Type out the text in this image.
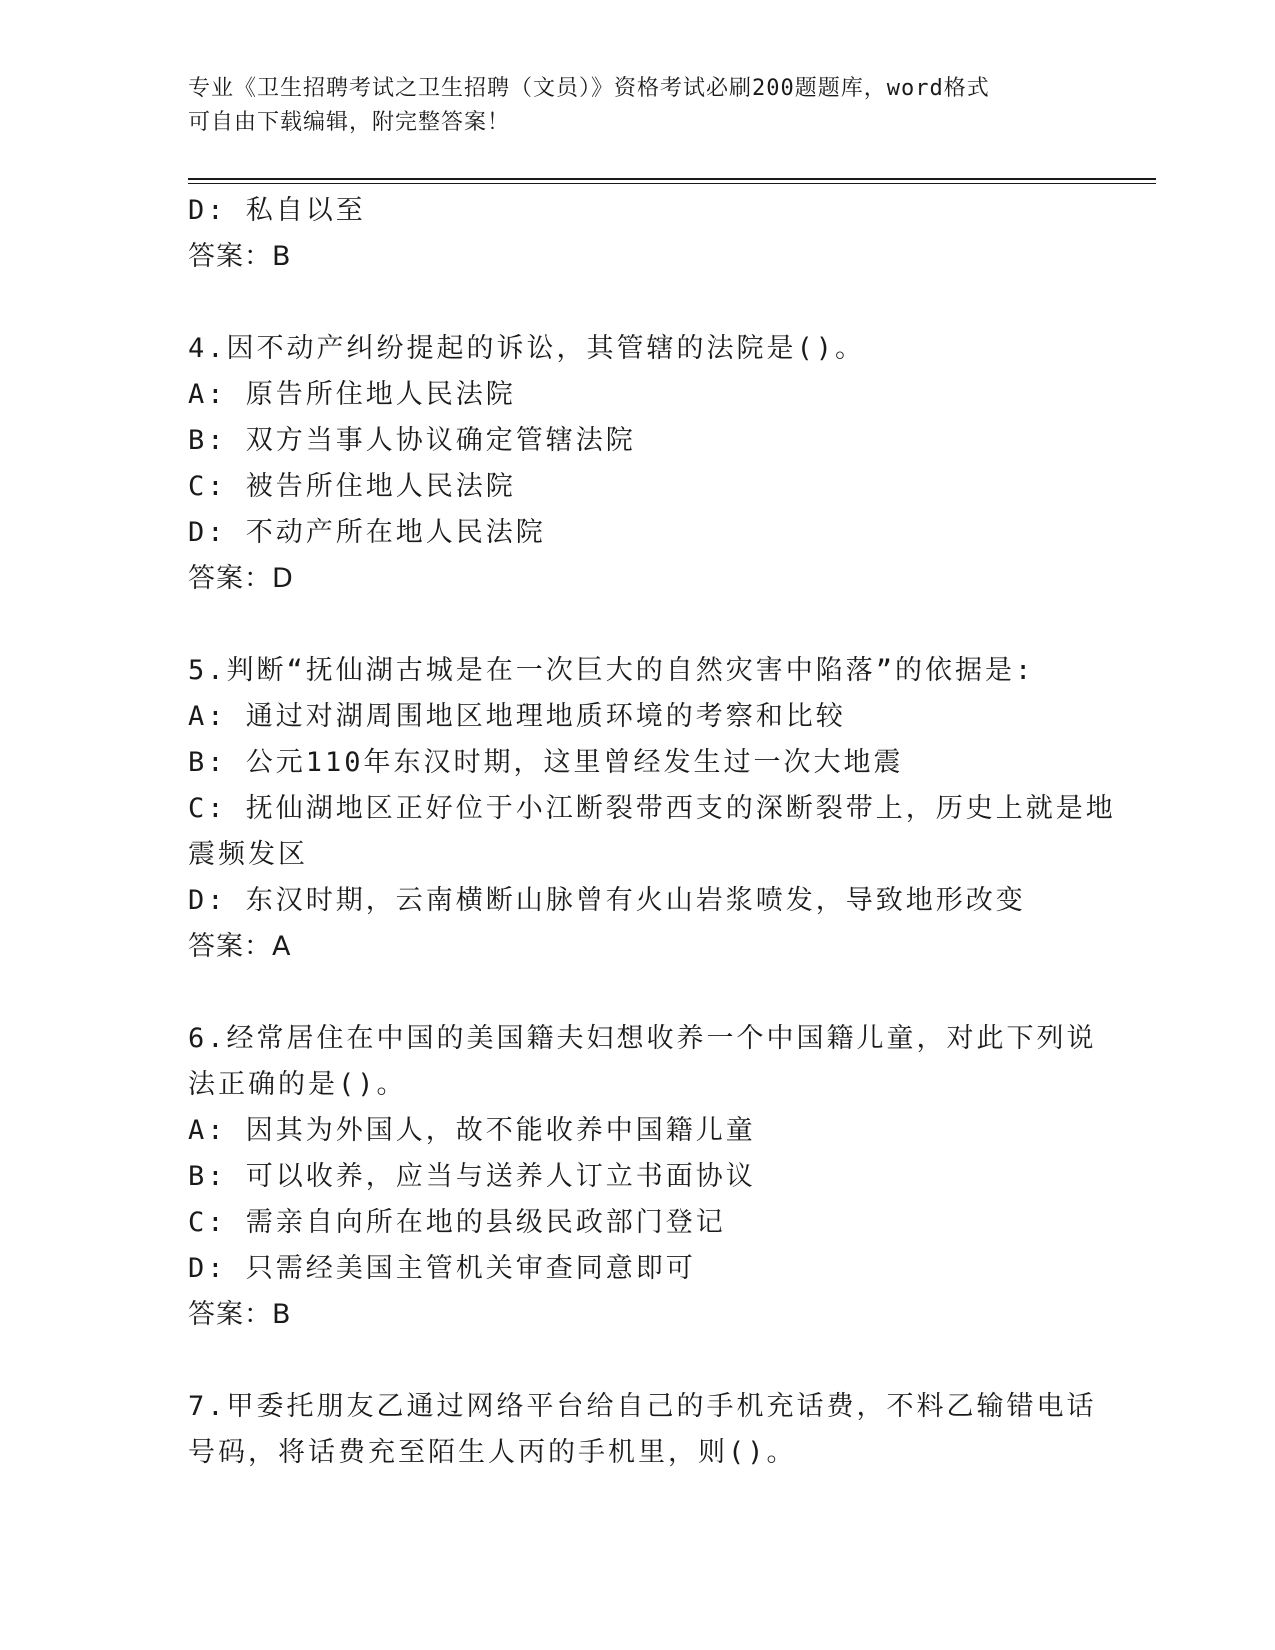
专业《卫生招聘考试之卫生招聘（文员）》资格考试必刷200题题库，word格式
可自由下载编辑，附完整答案！
D: 私自以至
答案：B
4.因不动产纠纷提起的诉讼，其管辖的法院是()。
A: 原告所住地人民法院
B: 双方当事人协议确定管辖法院
C: 被告所住地人民法院
D: 不动产所在地人民法院
答案：D
5.判断“抚仙湖古城是在一次巨大的自然灾害中陷落”的依据是:
A: 通过对湖周围地区地理地质环境的考察和比较
B: 公元110年东汉时期，这里曾经发生过一次大地震
C: 抚仙湖地区正好位于小江断裂带西支的深断裂带上，历史上就是地
震频发区
D: 东汉时期，云南横断山脉曾有火山岩浆喷发，导致地形改变
答案：A
6.经常居住在中国的美国籍夫妇想收养一个中国籍儿童，对此下列说
法正确的是()。
A: 因其为外国人，故不能收养中国籍儿童
B: 可以收养，应当与送养人订立书面协议
C: 需亲自向所在地的县级民政部门登记
D: 只需经美国主管机关审查同意即可
答案：B
7.甲委托朋友乙通过网络平台给自己的手机充话费，不料乙输错电话
号码，将话费充至陌生人丙的手机里，则()。
